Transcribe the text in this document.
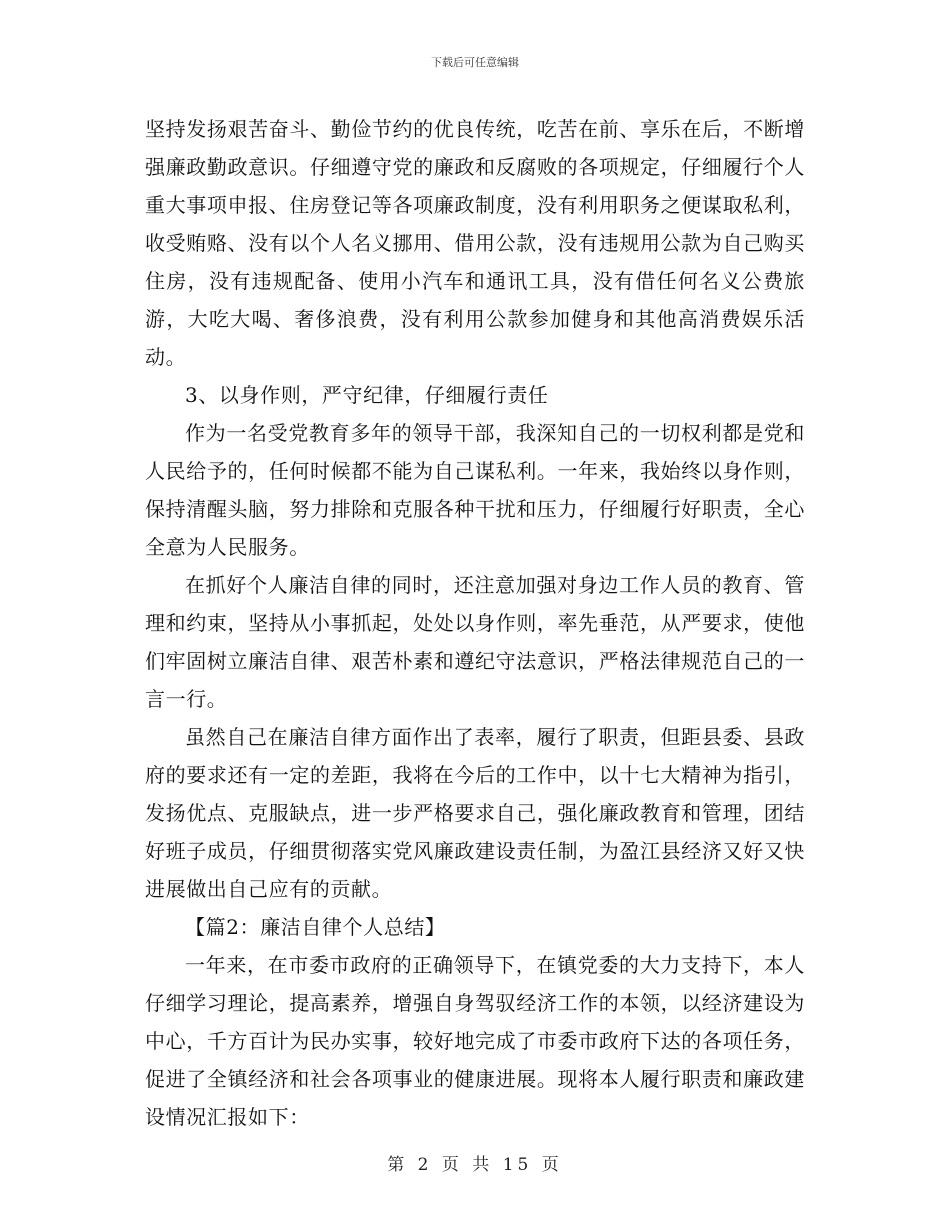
下载后可任意编辑

坚持发扬艰苦奋斗、勤俭节约的优良传统，吃苦在前、享乐在后，不断增强廉政勤政意识。仔细遵守党的廉政和反腐败的各项规定，仔细履行个人重大事项申报、住房登记等各项廉政制度，没有利用职务之便谋取私利，收受贿赂、没有以个人名义挪用、借用公款，没有违规用公款为自己购买住房，没有违规配备、使用小汽车和通讯工具，没有借任何名义公费旅游，大吃大喝、奢侈浪费，没有利用公款参加健身和其他高消费娱乐活动。

3、以身作则，严守纪律，仔细履行责任

作为一名受党教育多年的领导干部，我深知自己的一切权利都是党和人民给予的，任何时候都不能为自己谋私利。一年来，我始终以身作则，保持清醒头脑，努力排除和克服各种干扰和压力，仔细履行好职责，全心全意为人民服务。

在抓好个人廉洁自律的同时，还注意加强对身边工作人员的教育、管理和约束，坚持从小事抓起，处处以身作则，率先垂范，从严要求，使他们牢固树立廉洁自律、艰苦朴素和遵纪守法意识，严格法律规范自己的一言一行。

虽然自己在廉洁自律方面作出了表率，履行了职责，但距县委、县政府的要求还有一定的差距，我将在今后的工作中，以十七大精神为指引，发扬优点、克服缺点，进一步严格要求自己，强化廉政教育和管理，团结好班子成员，仔细贯彻落实党风廉政建设责任制，为盈江县经济又好又快进展做出自己应有的贡献。

【篇2：廉洁自律个人总结】

一年来，在市委市政府的正确领导下，在镇党委的大力支持下，本人仔细学习理论，提高素养，增强自身驾驭经济工作的本领，以经济建设为中心，千方百计为民办实事，较好地完成了市委市政府下达的各项任务，促进了全镇经济和社会各项事业的健康进展。现将本人履行职责和廉政建设情况汇报如下：

第 2 页 共 15 页
